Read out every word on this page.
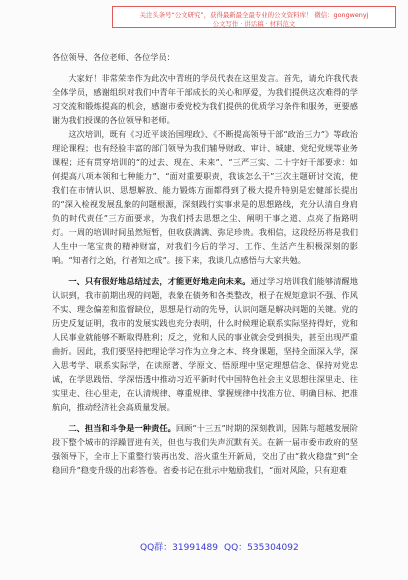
关注头条号“公文研究”，获得最新最全最专业的公文资料库！ 微信：gongwenyj
公文写作 · 讲话稿 · 材料范文

各位领导、各位老师、各位学员：

大家好！非常荣幸作为此次中青班的学员代表在这里发言。首先，请允许我代表全体学员，感谢组织对我们中青年干部成长的关心和厚爱，为我们提供这次难得的学习交流和锻炼提高的机会，感谢市委党校为我们提供的优质学习条件和服务，更要感谢为我们授课的各位领导和老师。

这次培训，既有《习近平谈治国理政》、《不断提高领导干部“政治三力”》等政治理论课程；也有经验丰富的部门领导为我们辅导财政、审计、城建、党纪党规等业务课程；还有贯穿培训的“的过去、现在、未来”、“三严三实、二十字好干部要求：如何提高八项本领和七种能力”、“面对重要职责，我该怎么干”三次主题研讨交流，使我们在市情认识、思想解放、能力锻炼方面都得到了极大提升特别是宏健部长提出的“深入检视发展乱象的问题根源，深刻践行实事求是的思想路线，充分认清自身肩负的时代责任”三方面要求，为我们捋去思想之尘、阐明干事之道、点亮了指路明灯。一周的培训时间虽然短暂，但收获满满、弥足珍贵。我相信，这段经历将是我们人生中一笔宝贵的精神财富，对我们今后的学习、工作、生活产生积极深刻的影响。“知者行之始，行者知之成”。接下来，我谈几点感悟与大家共勉。

一、只有很好地总结过去，才能更好地走向未来。通过学习培训我们能够清醒地认识到，我市前期出现的问题，表象在债务和各类整改，根子在规矩意识不强、作风不实、理念偏差和监督缺位，思想是行动的先导，认识问题是解决问题的关键。党的历史反复证明，我市的发展实践也充分表明，什么时候理论联系实际坚持得好，党和人民事业就能够不断取得胜利；反之，党和人民的事业就会受到损失，甚至出现严重曲折。因此，我们要坚持把理论学习作为立身之本、终身课题，坚持全面深入学，深入思考学、联系实际学，在读原著、学原文、悟原理中坚定理想信念、保持对党忠诚，在学思践悟、学深悟透中推动习近平新时代中国特色社会主义思想往深里走、往实里走、往心里走，在认清规律、尊重规律、掌握规律中找准方位、明确目标、把准航向，推动经济社会高质量发展。

二、担当和斗争是一种责任。回顾“十三五”时期的深刻教训，因陈与超越发展阶段下整个城市的浮躁冒进有关，但也与我们失声沉默有关。在新一届市委市政府的坚强领导下，全市上下重整行装再出发、浴火重生开新局，交出了由“救火稳盘”到“全稳回升”稳变升级的出彩答卷。省委书记在批示中勉励我们，“面对风险，只有迎难

QQ群：31991489 QQ：535304092
